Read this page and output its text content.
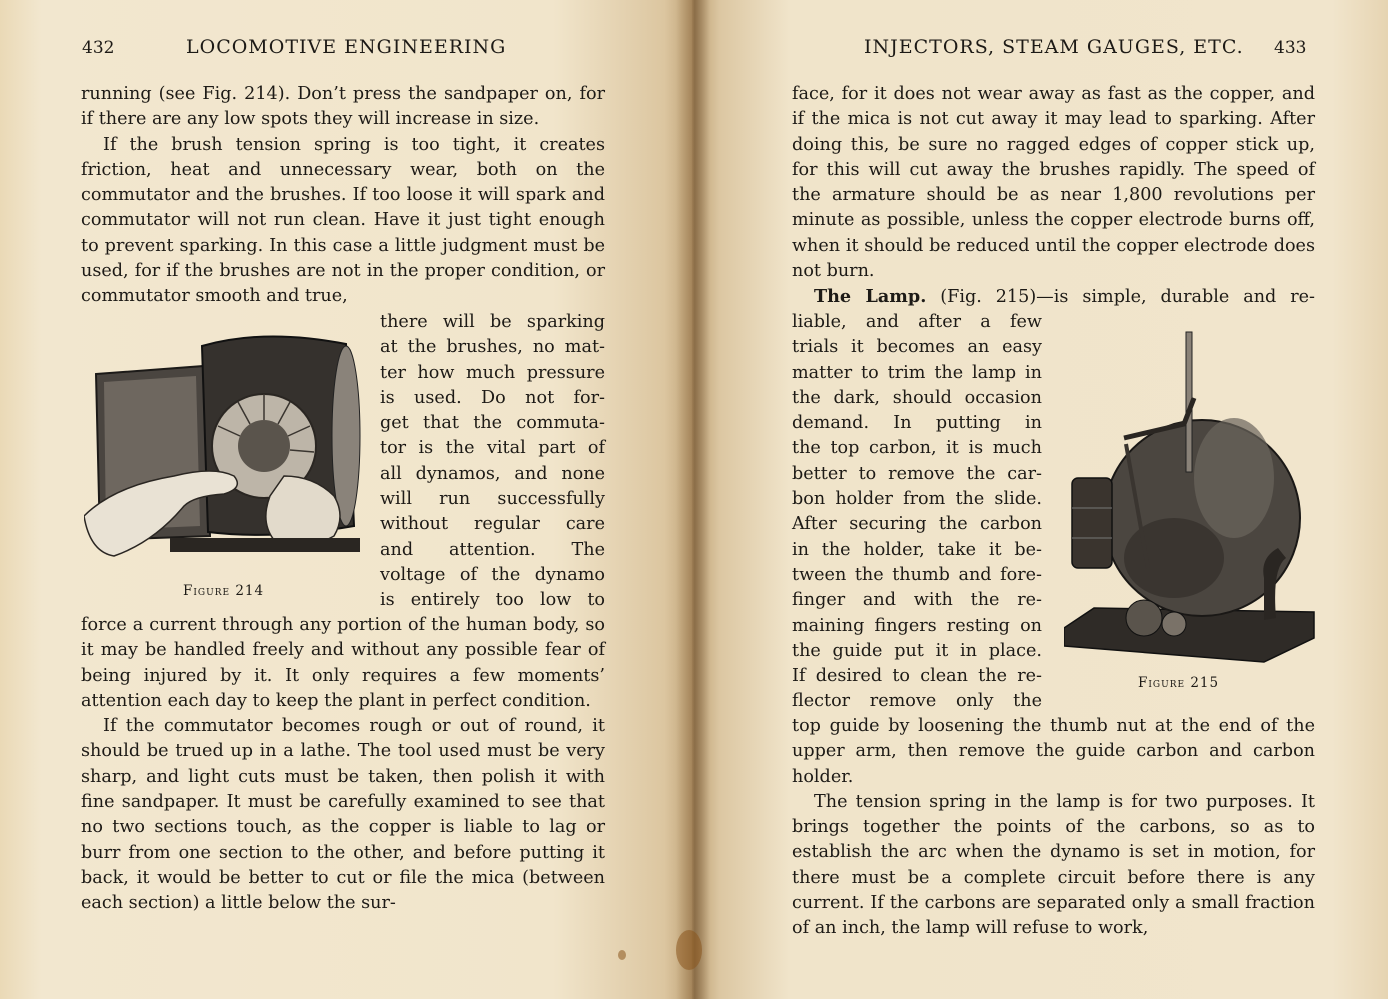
432	LOCOMOTIVE ENGINEERING

running (see Fig. 214). Don’t press the sandpaper on, for if there are any low spots they will increase in size.

If the brush tension spring is too tight, it creates friction, heat and unnecessary wear, both on the commutator and the brushes. If too loose it will spark and commutator will not run clean. Have it just tight enough to prevent sparking. In this case a little judgment must be used, for if the brushes are not in the proper condition, or commutator smooth and true,

Figure 214
there will be sparking
at the brushes, no mat-
ter how much pressure
is used. Do not for-
get that the commuta-
tor is the vital part of
all dynamos, and none
will run successfully
without regular care
and attention. The
voltage of the dynamo
is entirely too low to

force a current through any portion of the human body, so it may be handled freely and without any possible fear of being injured by it. It only requires a few moments’ attention each day to keep the plant in perfect condition.

If the commutator becomes rough or out of round, it should be trued up in a lathe. The tool used must be very sharp, and light cuts must be taken, then polish it with fine sandpaper. It must be carefully examined to see that no two sections touch, as the copper is liable to lag or burr from one section to the other, and before putting it back, it would be better to cut or file the mica (between each section) a little below the sur-

INJECTORS, STEAM GAUGES, ETC. 433

face, for it does not wear away as fast as the copper, and if the mica is not cut away it may lead to sparking. After doing this, be sure no ragged edges of copper stick up, for this will cut away the brushes rapidly. The speed of the armature should be as near 1,800 revolutions per minute as possible, unless the copper electrode burns off, when it should be reduced until the copper electrode does not burn.

The Lamp. (Fig. 215)—is simple, durable and re-
liable, and after a few
trials it becomes an easy
matter to trim the lamp in
the dark, should occasion
demand. In putting in
the top carbon, it is much
better to remove the car-
bon holder from the slide.
After securing the carbon
in the holder, take it be-
tween the thumb and fore-
finger and with the re-
maining fingers resting on
the guide put it in place.
If desired to clean the re-
flector remove only the
Figure 215

top guide by loosening the thumb nut at the end of the upper arm, then remove the guide carbon and carbon holder.

The tension spring in the lamp is for two purposes. It brings together the points of the carbons, so as to establish the arc when the dynamo is set in motion, for there must be a complete circuit before there is any current. If the carbons are separated only a small fraction of an inch, the lamp will refuse to work,
